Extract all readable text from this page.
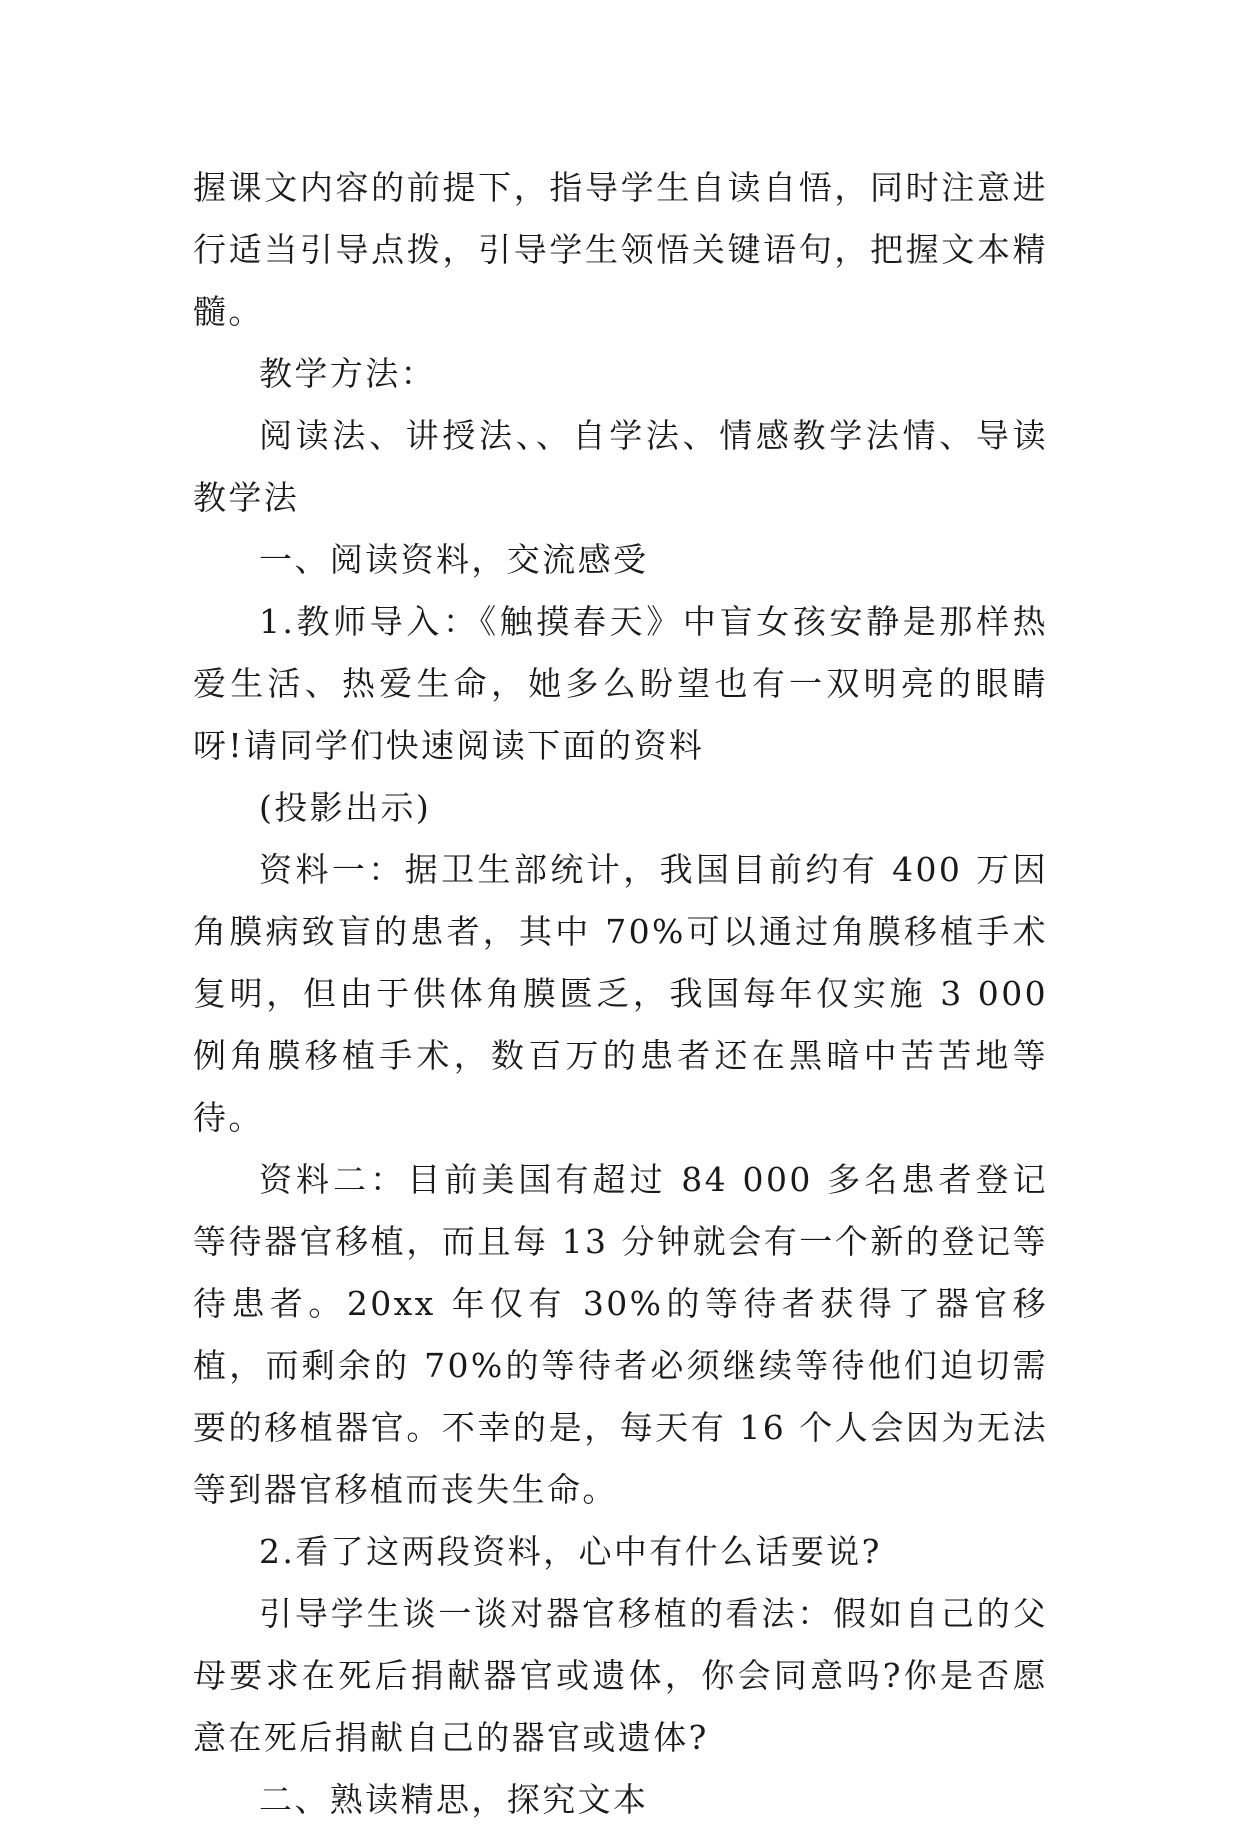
握课文内容的前提下，指导学生自读自悟，同时注意进行适当引导点拨，引导学生领悟关键语句，把握文本精髓。

教学方法：

阅读法、讲授法、、自学法、情感教学法情、导读教学法

一、阅读资料，交流感受

1.教师导入：《触摸春天》中盲女孩安静是那样热爱生活、热爱生命，她多么盼望也有一双明亮的眼睛呀!请同学们快速阅读下面的资料

(投影出示)

资料一：据卫生部统计，我国目前约有 400 万因角膜病致盲的患者，其中 70%可以通过角膜移植手术复明，但由于供体角膜匮乏，我国每年仅实施 3 000 例角膜移植手术，数百万的患者还在黑暗中苦苦地等待。

资料二：目前美国有超过 84 000 多名患者登记等待器官移植，而且每 13 分钟就会有一个新的登记等待患者。20xx 年仅有 30%的等待者获得了器官移植，而剩余的 70%的等待者必须继续等待他们迫切需要的移植器官。不幸的是，每天有 16 个人会因为无法等到器官移植而丧失生命。

2.看了这两段资料，心中有什么话要说?

引导学生谈一谈对器官移植的看法：假如自己的父母要求在死后捐献器官或遗体，你会同意吗?你是否愿意在死后捐献自己的器官或遗体?

二、熟读精思，探究文本
